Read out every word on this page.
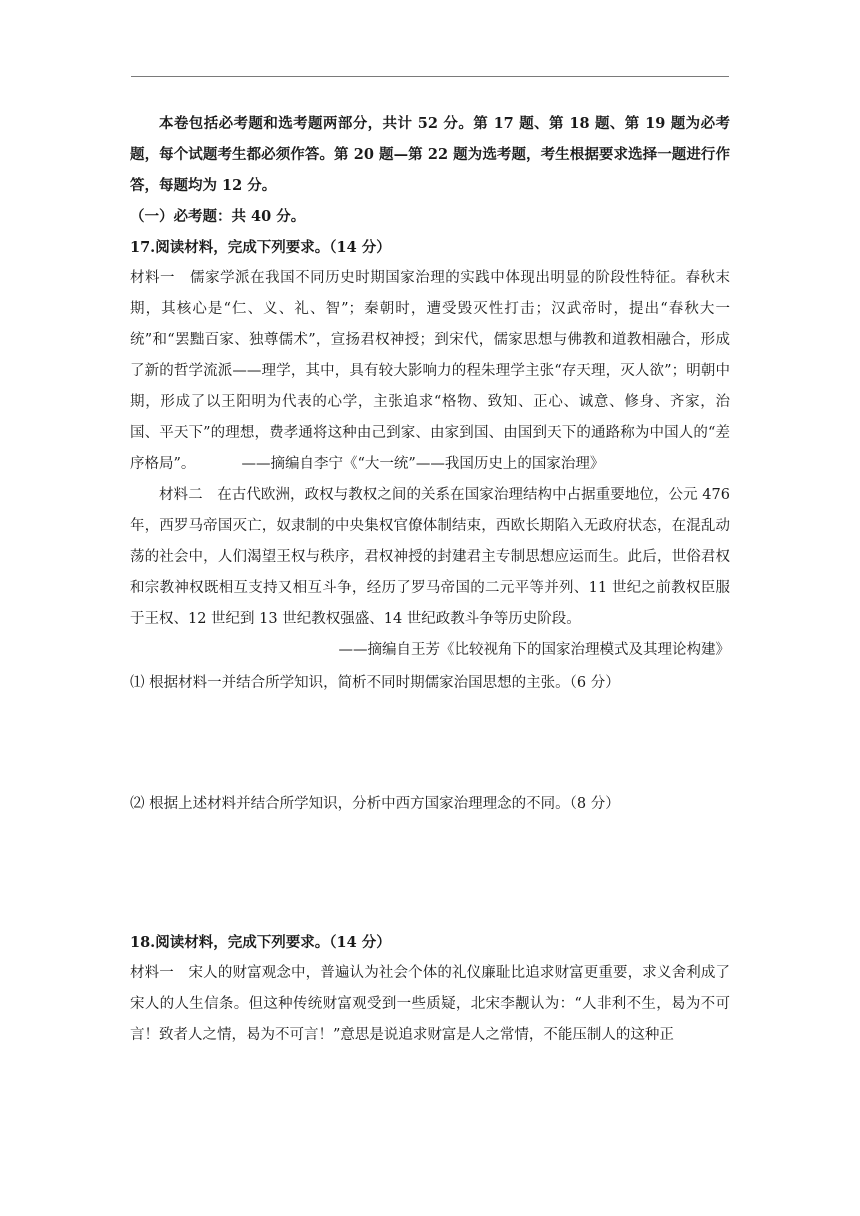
本卷包括必考题和选考题两部分，共计 52 分。第 17 题、第 18 题、第 19 题为必考题，每个试题考生都必须作答。第 20 题—第 22 题为选考题，考生根据要求选择一题进行作答，每题均为 12 分。

（一）必考题：共 40 分。

17.阅读材料，完成下列要求。（14 分）

材料一　儒家学派在我国不同历史时期国家治理的实践中体现出明显的阶段性特征。春秋末期，其核心是“仁、义、礼、智”；秦朝时，遭受毁灭性打击；汉武帝时，提出“春秋大一统”和“罢黜百家、独尊儒术”，宣扬君权神授；到宋代，儒家思想与佛教和道教相融合，形成了新的哲学流派——理学，其中，具有较大影响力的程朱理学主张“存天理，灭人欲”；明朝中期，形成了以王阳明为代表的心学，主张追求“格物、致知、正心、诚意、修身、齐家，治国、平天下”的理想，费孝通将这种由己到家、由家到国、由国到天下的通路称为中国人的“差序格局”。	——摘编自李宁《“大一统”——我国历史上的国家治理》

材料二　在古代欧洲，政权与教权之间的关系在国家治理结构中占据重要地位，公元 476 年，西罗马帝国灭亡，奴隶制的中央集权官僚体制结束，西欧长期陷入无政府状态，在混乱动荡的社会中，人们渴望王权与秩序，君权神授的封建君主专制思想应运而生。此后，世俗君权和宗教神权既相互支持又相互斗争，经历了罗马帝国的二元平等并列、11 世纪之前教权臣服于王权、12 世纪到 13 世纪教权强盛、14 世纪政教斗争等历史阶段。

——摘编自王芳《比较视角下的国家治理模式及其理论构建》

⑴ 根据材料一并结合所学知识，简析不同时期儒家治国思想的主张。（6 分）

⑵ 根据上述材料并结合所学知识，分析中西方国家治理理念的不同。（8 分）

18.阅读材料，完成下列要求。（14 分）

材料一　宋人的财富观念中，普遍认为社会个体的礼仪廉耻比追求财富更重要，求义舍利成了宋人的人生信条。但这种传统财富观受到一些质疑，北宋李觏认为：“人非利不生，曷为不可言！致者人之情，曷为不可言！”意思是说追求财富是人之常情，不能压制人的这种正
